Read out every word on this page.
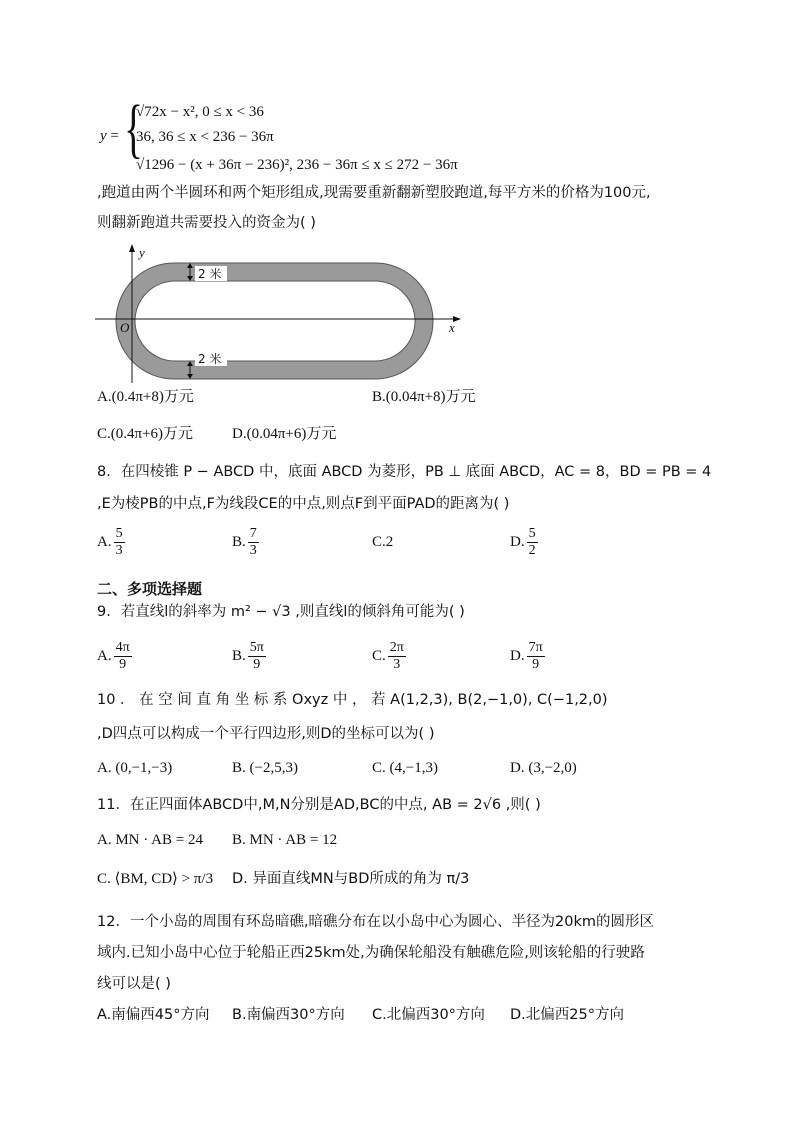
y = {
√72x − x², 0 ≤ x < 36
36, 36 ≤ x < 236 − 36π
√1296 − (x + 36π − 236)², 236 − 36π ≤ x ≤ 272 − 36π
,跑道由两个半圆环和两个矩形组成,现需要重新翻新塑胶跑道,每平方米的价格为100元,
则翻新跑道共需要投入的资金为( )
2 米
2 米
y
x
O
A.(0.4π+8)万元	B.(0.04π+8)万元
C.(0.4π+6)万元	D.(0.04π+6)万元
8．在四棱锥 P − ABCD 中，底面 ABCD 为菱形，PB ⊥ 底面 ABCD，AC = 8，BD = PB = 4
,E为棱PB的中点,F为线段CE的中点,则点F到平面PAD的距离为( )
A. $\frac{5}{3}$	B. $\frac{7}{3}$	C.2	D. $\frac{5}{2}$
二、多项选择题
9．若直线l的斜率为 m² − √3 ,则直线l的倾斜角可能为( )
A. $\frac{4\pi}{9}$	B. $\frac{5\pi}{9}$	C. $\frac{2\pi}{3}$	D. $\frac{7\pi}{9}$
10 ． 在 空 间 直 角 坐 标 系 Oxyz 中 ， 若 A(1,2,3), B(2,−1,0), C(−1,2,0)
,D四点可以构成一个平行四边形,则D的坐标可以为( )
A. (0,−1,−3)	B. (−2,5,3)	C. (4,−1,3)	D. (3,−2,0)
11．在正四面体ABCD中,M,N分别是AD,BC的中点, AB = 2√6 ,则( )
A. MN · AB = 24 B. MN · AB = 12
C. ⟨BM, CD⟩ > π/3 D. 异面直线MN与BD所成的角为 π/3
12．一个小岛的周围有环岛暗礁,暗礁分布在以小岛中心为圆心、半径为20km的圆形区
域内.已知小岛中心位于轮船正西25km处,为确保轮船没有触礁危险,则该轮船的行驶路
线可以是( )
A.南偏西45°方向 B.南偏西30°方向 C.北偏西30°方向 D.北偏西25°方向
